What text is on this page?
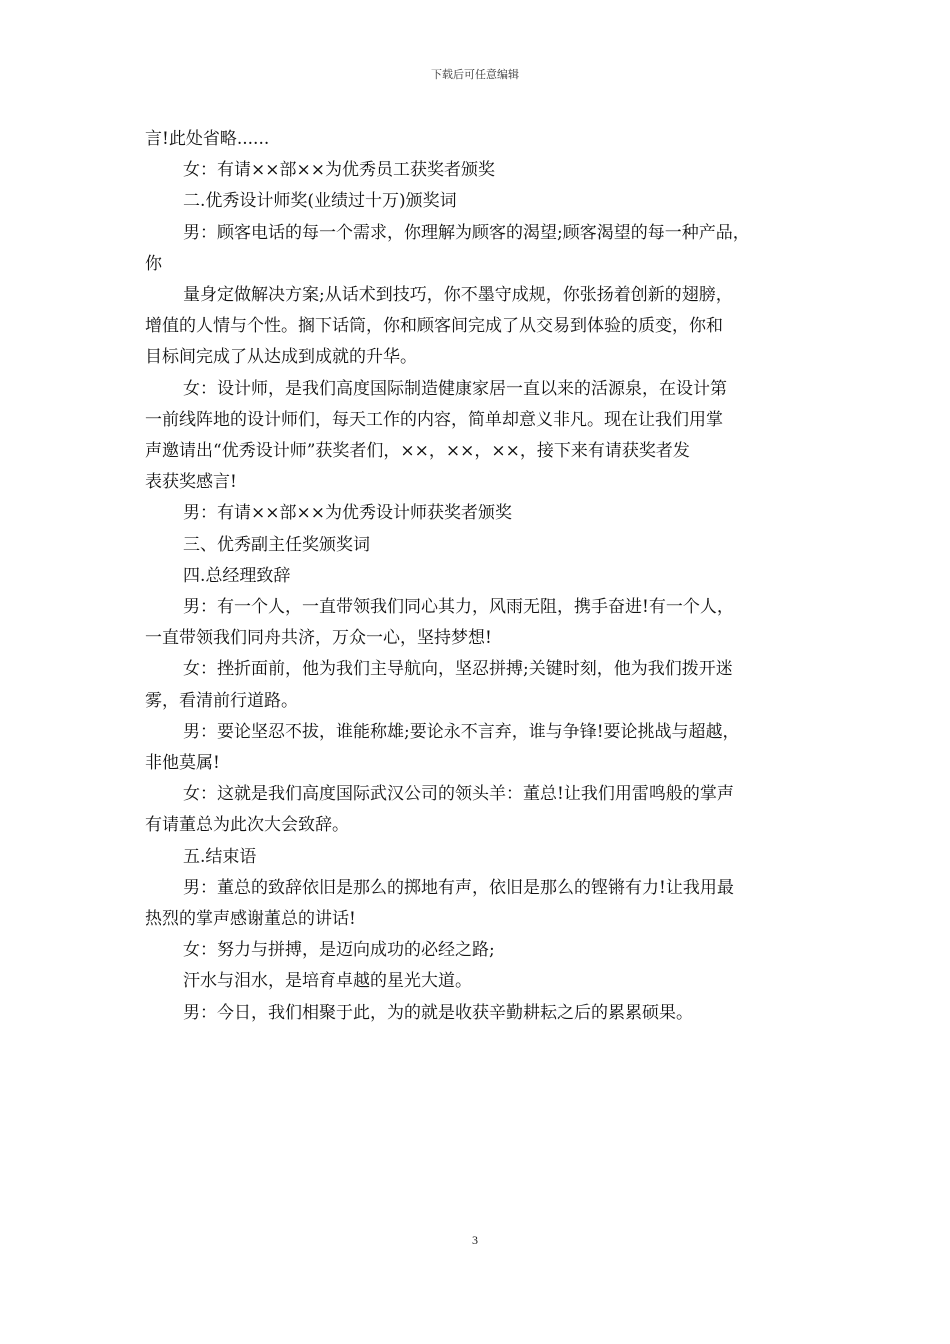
下载后可任意编辑

言!此处省略......

女：有请××部××为优秀员工获奖者颁奖

二.优秀设计师奖(业绩过十万)颁奖词

男：顾客电话的每一个需求，你理解为顾客的渴望;顾客渴望的每一种产品，

你

量身定做解决方案;从话术到技巧，你不墨守成规，你张扬着创新的翅膀，

增值的人情与个性。搁下话筒，你和顾客间完成了从交易到体验的质变，你和

目标间完成了从达成到成就的升华。

女：设计师，是我们高度国际制造健康家居一直以来的活源泉，在设计第

一前线阵地的设计师们，每天工作的内容，简单却意义非凡。现在让我们用掌

声邀请出“优秀设计师”获奖者们，××，××，××，接下来有请获奖者发

表获奖感言!

男：有请××部××为优秀设计师获奖者颁奖

三、优秀副主任奖颁奖词

四.总经理致辞

男：有一个人，一直带领我们同心其力，风雨无阻，携手奋进!有一个人，

一直带领我们同舟共济，万众一心，坚持梦想!

女：挫折面前，他为我们主导航向，坚忍拼搏;关键时刻，他为我们拨开迷

雾，看清前行道路。

男：要论坚忍不拔，谁能称雄;要论永不言弃，谁与争锋!要论挑战与超越，

非他莫属!

女：这就是我们高度国际武汉公司的领头羊：董总!让我们用雷鸣般的掌声

有请董总为此次大会致辞。

五.结束语

男：董总的致辞依旧是那么的掷地有声，依旧是那么的铿锵有力!让我用最

热烈的掌声感谢董总的讲话!

女：努力与拼搏，是迈向成功的必经之路;

汗水与泪水，是培育卓越的星光大道。

男：今日，我们相聚于此，为的就是收获辛勤耕耘之后的累累硕果。

3
